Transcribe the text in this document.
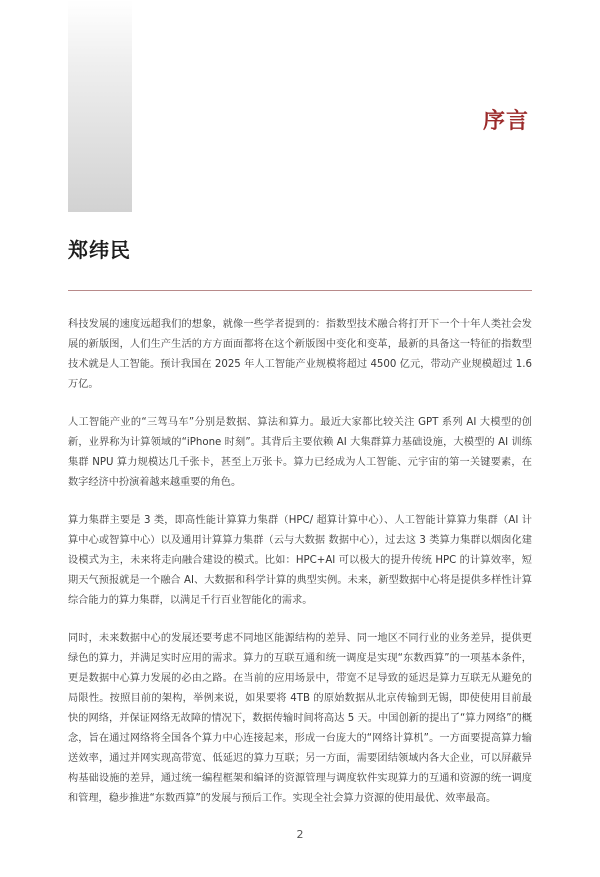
序言
郑纬民

科技发展的速度远超我们的想象，就像一些学者提到的：指数型技术融合将打开下一个十年人类社会发展的新版图，人们生产生活的方方面面都将在这个新版图中变化和变革，最新的具备这一特征的指数型技术就是人工智能。预计我国在 2025 年人工智能产业规模将超过 4500 亿元，带动产业规模超过 1.6 万亿。

人工智能产业的“三驾马车”分别是数据、算法和算力。最近大家都比较关注 GPT 系列 AI 大模型的创新，业界称为计算领域的“iPhone 时刻”。其背后主要依赖 AI 大集群算力基础设施，大模型的 AI 训练集群 NPU 算力规模达几千张卡，甚至上万张卡。算力已经成为人工智能、元宇宙的第一关键要素，在数字经济中扮演着越来越重要的角色。

算力集群主要是 3 类，即高性能计算算力集群（HPC/ 超算计算中心）、人工智能计算算力集群（AI 计算中心或智算中心）以及通用计算算力集群（云与大数据 数据中心），过去这 3 类算力集群以烟囱化建设模式为主，未来将走向融合建设的模式。比如：HPC+AI 可以极大的提升传统 HPC 的计算效率，短期天气预报就是一个融合 AI、大数据和科学计算的典型实例。未来，新型数据中心将是提供多样性计算综合能力的算力集群，以满足千行百业智能化的需求。

同时，未来数据中心的发展还要考虑不同地区能源结构的差异、同一地区不同行业的业务差异，提供更绿色的算力，并满足实时应用的需求。算力的互联互通和统一调度是实现“东数西算”的一项基本条件，更是数据中心算力发展的必由之路。在当前的应用场景中，带宽不足导致的延迟是算力互联无从避免的局限性。按照目前的架构，举例来说，如果要将 4TB 的原始数据从北京传输到无锡，即使使用目前最快的网络，并保证网络无故障的情况下，数据传输时间将高达 5 天。中国创新的提出了“算力网络”的概念，旨在通过网络将全国各个算力中心连接起来，形成一台庞大的“网络计算机”。一方面要提高算力输送效率，通过并网实现高带宽、低延迟的算力互联；另一方面，需要团结领域内各大企业，可以屏蔽异构基础设施的差异，通过统一编程框架和编译的资源管理与调度软件实现算力的互通和资源的统一调度和管理，稳步推进“东数西算”的发展与预后工作。实现全社会算力资源的使用最优、效率最高。

2
